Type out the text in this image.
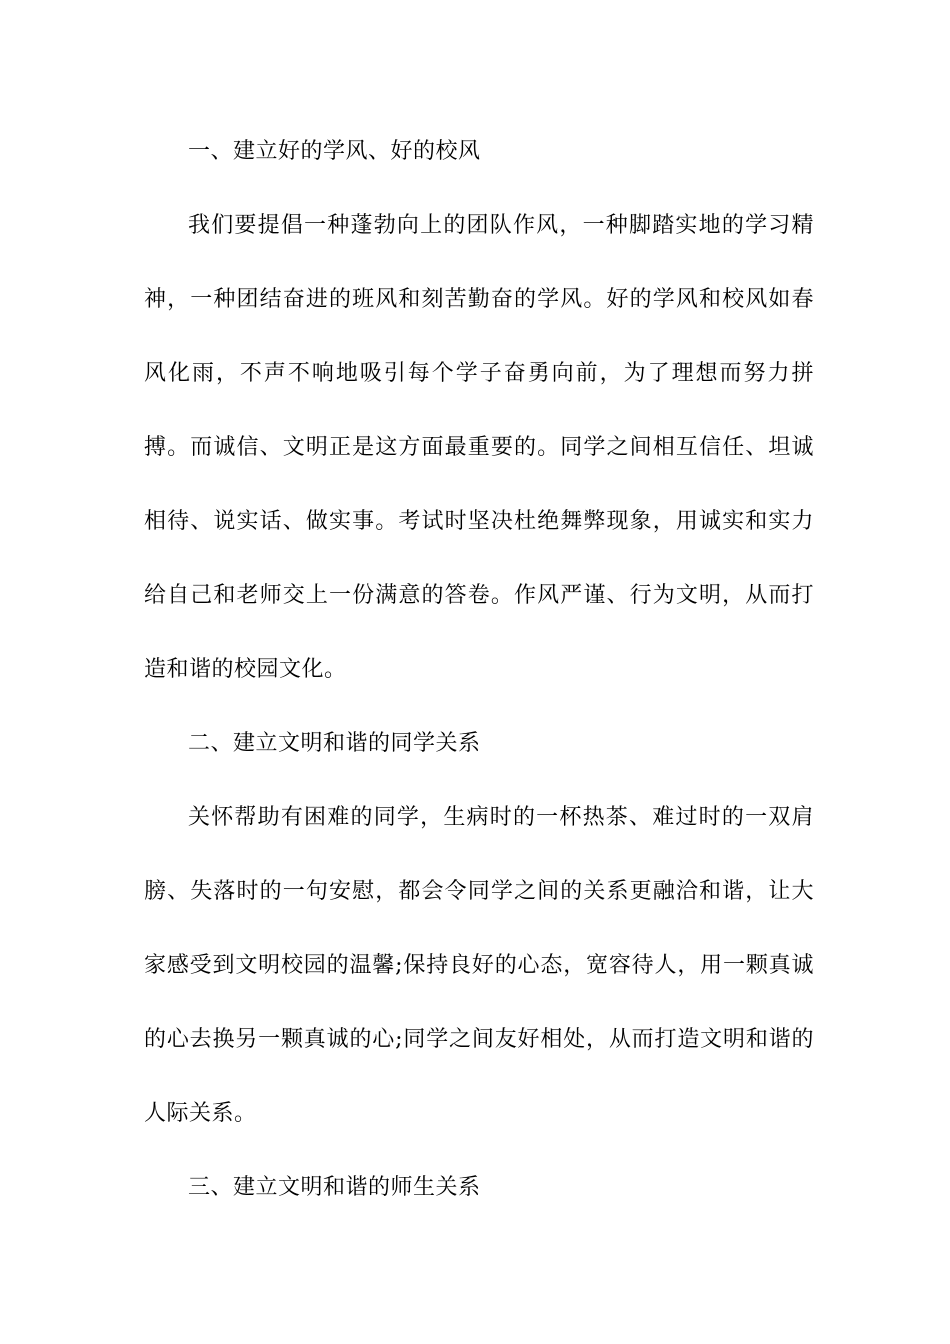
一、建立好的学风、好的校风

我们要提倡一种蓬勃向上的团队作风，一种脚踏实地的学习精神，一种团结奋进的班风和刻苦勤奋的学风。好的学风和校风如春风化雨，不声不响地吸引每个学子奋勇向前，为了理想而努力拼搏。而诚信、文明正是这方面最重要的。同学之间相互信任、坦诚相待、说实话、做实事。考试时坚决杜绝舞弊现象，用诚实和实力给自己和老师交上一份满意的答卷。作风严谨、行为文明，从而打造和谐的校园文化。

二、建立文明和谐的同学关系

关怀帮助有困难的同学，生病时的一杯热茶、难过时的一双肩膀、失落时的一句安慰，都会令同学之间的关系更融洽和谐，让大家感受到文明校园的温馨;保持良好的心态，宽容待人，用一颗真诚的心去换另一颗真诚的心;同学之间友好相处，从而打造文明和谐的人际关系。

三、建立文明和谐的师生关系
